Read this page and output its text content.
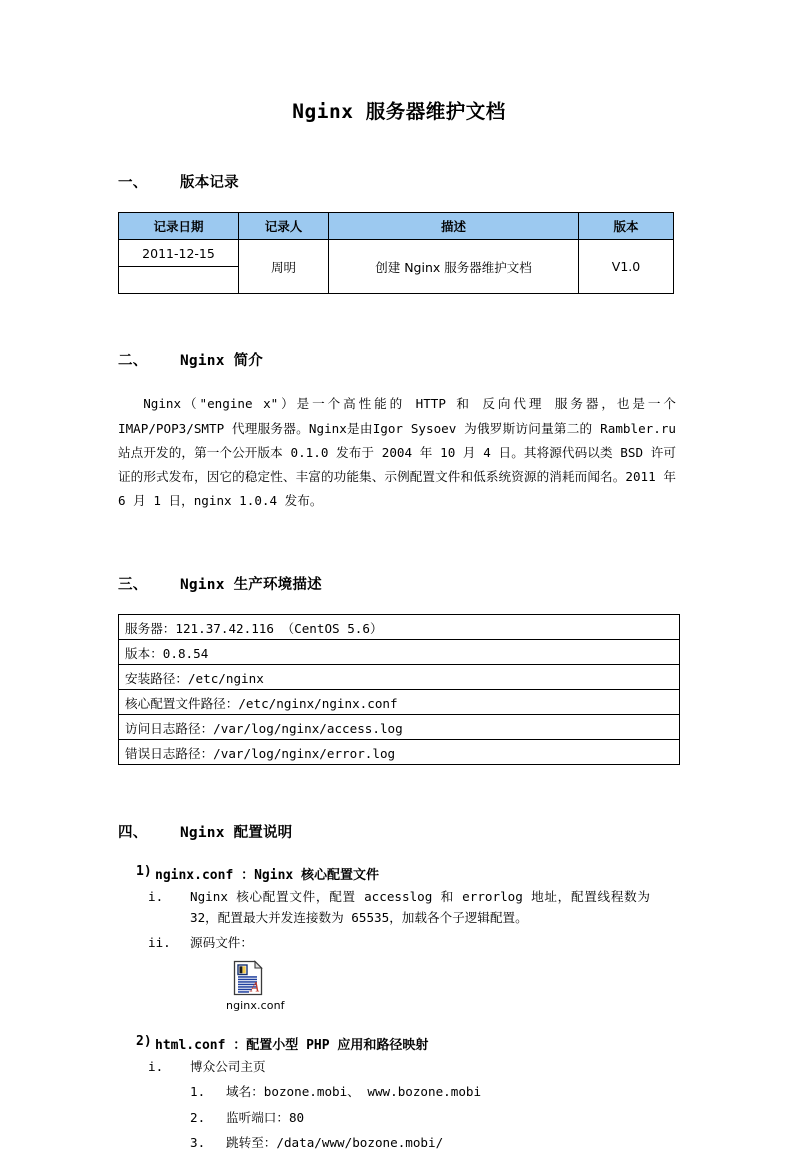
Nginx 服务器维护文档
一、	版本记录
记录日期	记录人	描述	版本
2011-12-15	周明	创建 Nginx 服务器维护文档	V1.0

二、	Nginx 简介

Nginx（"engine x"）是一个高性能的 HTTP 和 反向代理 服务器，也是一个 IMAP/POP3/SMTP 代理服务器。Nginx是由Igor Sysoev 为俄罗斯访问量第二的 Rambler.ru 站点开发的，第一个公开版本 0.1.0 发布于 2004 年 10 月 4 日。其将源代码以类 BSD 许可证的形式发布，因它的稳定性、丰富的功能集、示例配置文件和低系统资源的消耗而闻名。2011 年 6 月 1 日，nginx 1.0.4 发布。

三、	Nginx 生产环境描述
服务器：121.37.42.116 （CentOS 5.6）
版本：0.8.54
安装路径：/etc/nginx
核心配置文件路径：/etc/nginx/nginx.conf
访问日志路径：/var/log/nginx/access.log
错误日志路径：/var/log/nginx/error.log
四、	Nginx 配置说明
1) nginx.conf ：Nginx 核心配置文件
i.	Nginx 核心配置文件，配置 accesslog 和 errorlog 地址，配置线程数为 32，配置最大并发连接数为 65535，加载各个子逻辑配置。
ii.	源码文件：
A
nginx.conf
2) html.conf ：配置小型 PHP 应用和路径映射
i.	博众公司主页
1.	域名：bozone.mobi、 www.bozone.mobi
2.	监听端口：80
3.	跳转至：/data/www/bozone.mobi/
